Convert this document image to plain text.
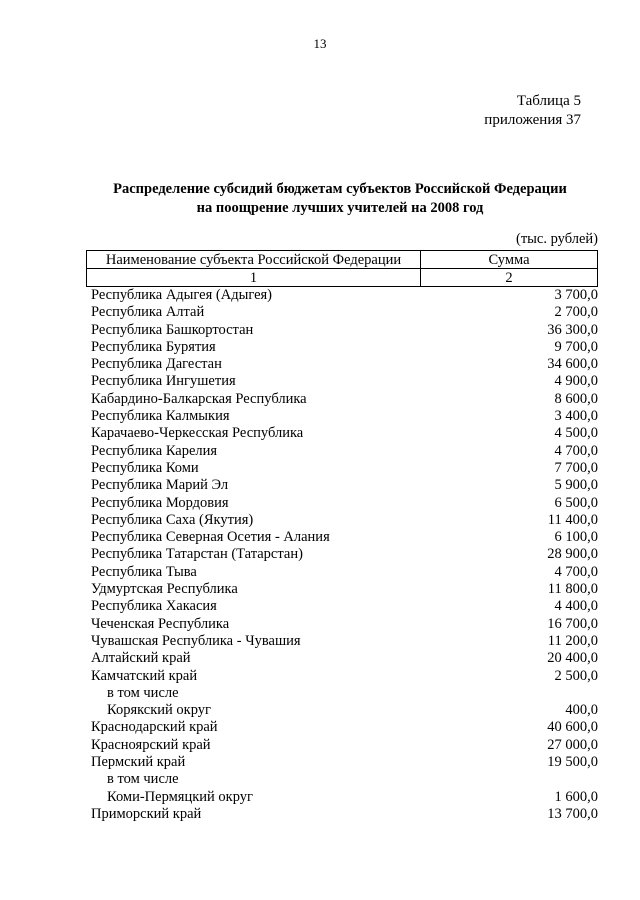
13
Таблица 5
приложения 37
Распределение субсидий бюджетам субъектов Российской Федерации
на поощрение лучших учителей на 2008 год
(тыс. рублей)
Наименование субъекта Российской Федерации	Сумма
1	2
Республика Адыгея (Адыгея)	3 700,0
Республика Алтай	2 700,0
Республика Башкортостан	36 300,0
Республика Бурятия	9 700,0
Республика Дагестан	34 600,0
Республика Ингушетия	4 900,0
Кабардино-Балкарская Республика	8 600,0
Республика Калмыкия	3 400,0
Карачаево-Черкесская Республика	4 500,0
Республика Карелия	4 700,0
Республика Коми	7 700,0
Республика Марий Эл	5 900,0
Республика Мордовия	6 500,0
Республика Саха (Якутия)	11 400,0
Республика Северная Осетия - Алания	6 100,0
Республика Татарстан (Татарстан)	28 900,0
Республика Тыва	4 700,0
Удмуртская Республика	11 800,0
Республика Хакасия	4 400,0
Чеченская Республика	16 700,0
Чувашская Республика - Чувашия	11 200,0
Алтайский край	20 400,0
Камчатский край	2 500,0
в том числе
Корякский округ	400,0
Краснодарский край	40 600,0
Красноярский край	27 000,0
Пермский край	19 500,0
в том числе
Коми-Пермяцкий округ	1 600,0
Приморский край	13 700,0
